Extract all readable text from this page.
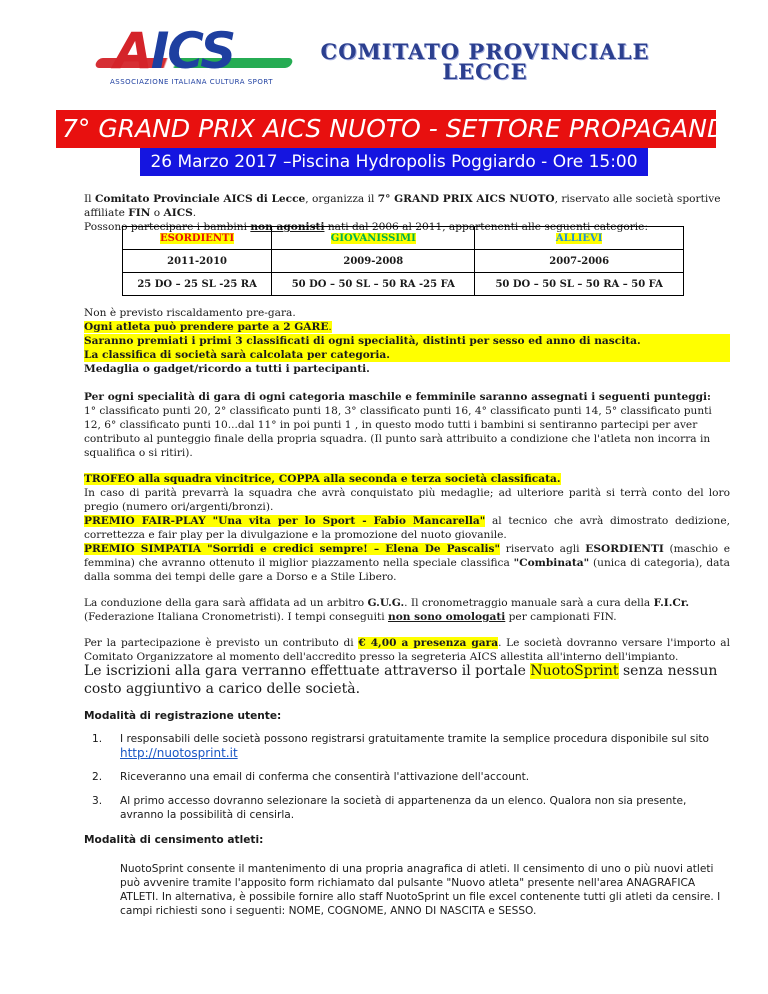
AICS
ASSOCIAZIONE ITALIANA CULTURA SPORT
COMITATO PROVINCIALE
LECCE
7° GRAND PRIX AICS NUOTO - SETTORE PROPAGANDA
26 Marzo 2017 –Piscina Hydropolis Poggiardo - Ore 15:00
Il Comitato Provinciale AICS di Lecce, organizza il 7° GRAND PRIX AICS NUOTO, riservato alle società sportive affiliate FIN o AICS.
Possono partecipare i bambini non agonisti nati dal 2006 al 2011, appartenenti alle seguenti categorie:
ESORDIENTI	GIOVANISSIMI	ALLIEVI
2011-2010	2009-2008	2007-2006
25 DO – 25 SL -25 RA	50 DO – 50 SL – 50 RA -25 FA	50 DO – 50 SL – 50 RA – 50 FA
Non è previsto riscaldamento pre-gara.
Ogni atleta può prendere parte a 2 GARE.
Saranno premiati i primi 3 classificati di ogni specialità, distinti per sesso ed anno di nascita.
La classifica di società sarà calcolata per categoria.
Medaglia o gadget/ricordo a tutti i partecipanti.
Per ogni specialità di gara di ogni categoria maschile e femminile saranno assegnati i seguenti punteggi:
1° classificato punti 20, 2° classificato punti 18, 3° classificato punti 16, 4° classificato punti 14, 5° classificato punti 12, 6° classificato punti 10...dal 11° in poi punti 1 , in questo modo tutti i bambini si sentiranno partecipi per aver contributo al punteggio finale della propria squadra. (Il punto sarà attribuito a condizione che l'atleta non incorra in squalifica o si ritiri).
TROFEO alla squadra vincitrice, COPPA alla seconda e terza società classificata.
In caso di parità prevarrà la squadra che avrà conquistato più medaglie; ad ulteriore parità si terrà conto del loro pregio (numero ori/argenti/bronzi).
PREMIO FAIR-PLAY "Una vita per lo Sport - Fabio Mancarella" al tecnico che avrà dimostrato dedizione, correttezza e fair play per la divulgazione e la promozione del nuoto giovanile.
PREMIO SIMPATIA "Sorridi e credici sempre! – Elena De Pascalis" riservato agli ESORDIENTI (maschio e femmina) che avranno ottenuto il miglior piazzamento nella speciale classifica "Combinata" (unica di categoria), data dalla somma dei tempi delle gare a Dorso e a Stile Libero.
La conduzione della gara sarà affidata ad un arbitro G.U.G.. Il cronometraggio manuale sarà a cura della F.I.Cr. (Federazione Italiana Cronometristi). I tempi conseguiti non sono omologati per campionati FIN.
Per la partecipazione è previsto un contributo di € 4,00 a presenza gara. Le società dovranno versare l'importo al Comitato Organizzatore al momento dell'accredito presso la segreteria AICS allestita all'interno dell'impianto.
Le iscrizioni alla gara verranno effettuate attraverso il portale NuotoSprint senza nessun costo aggiuntivo a carico delle società.
Modalità di registrazione utente:
1. I responsabili delle società possono registrarsi gratuitamente tramite la semplice procedura disponibile sul sito http://nuotosprint.it
2. Riceveranno una email di conferma che consentirà l'attivazione dell'account.
3. Al primo accesso dovranno selezionare la società di appartenenza da un elenco. Qualora non sia presente, avranno la possibilità di censirla.
Modalità di censimento atleti:
NuotoSprint consente il mantenimento di una propria anagrafica di atleti. Il censimento di uno o più nuovi atleti può avvenire tramite l'apposito form richiamato dal pulsante "Nuovo atleta" presente nell'area ANAGRAFICA ATLETI. In alternativa, è possibile fornire allo staff NuotoSprint un file excel contenente tutti gli atleti da censire. I campi richiesti sono i seguenti: NOME, COGNOME, ANNO DI NASCITA e SESSO.
